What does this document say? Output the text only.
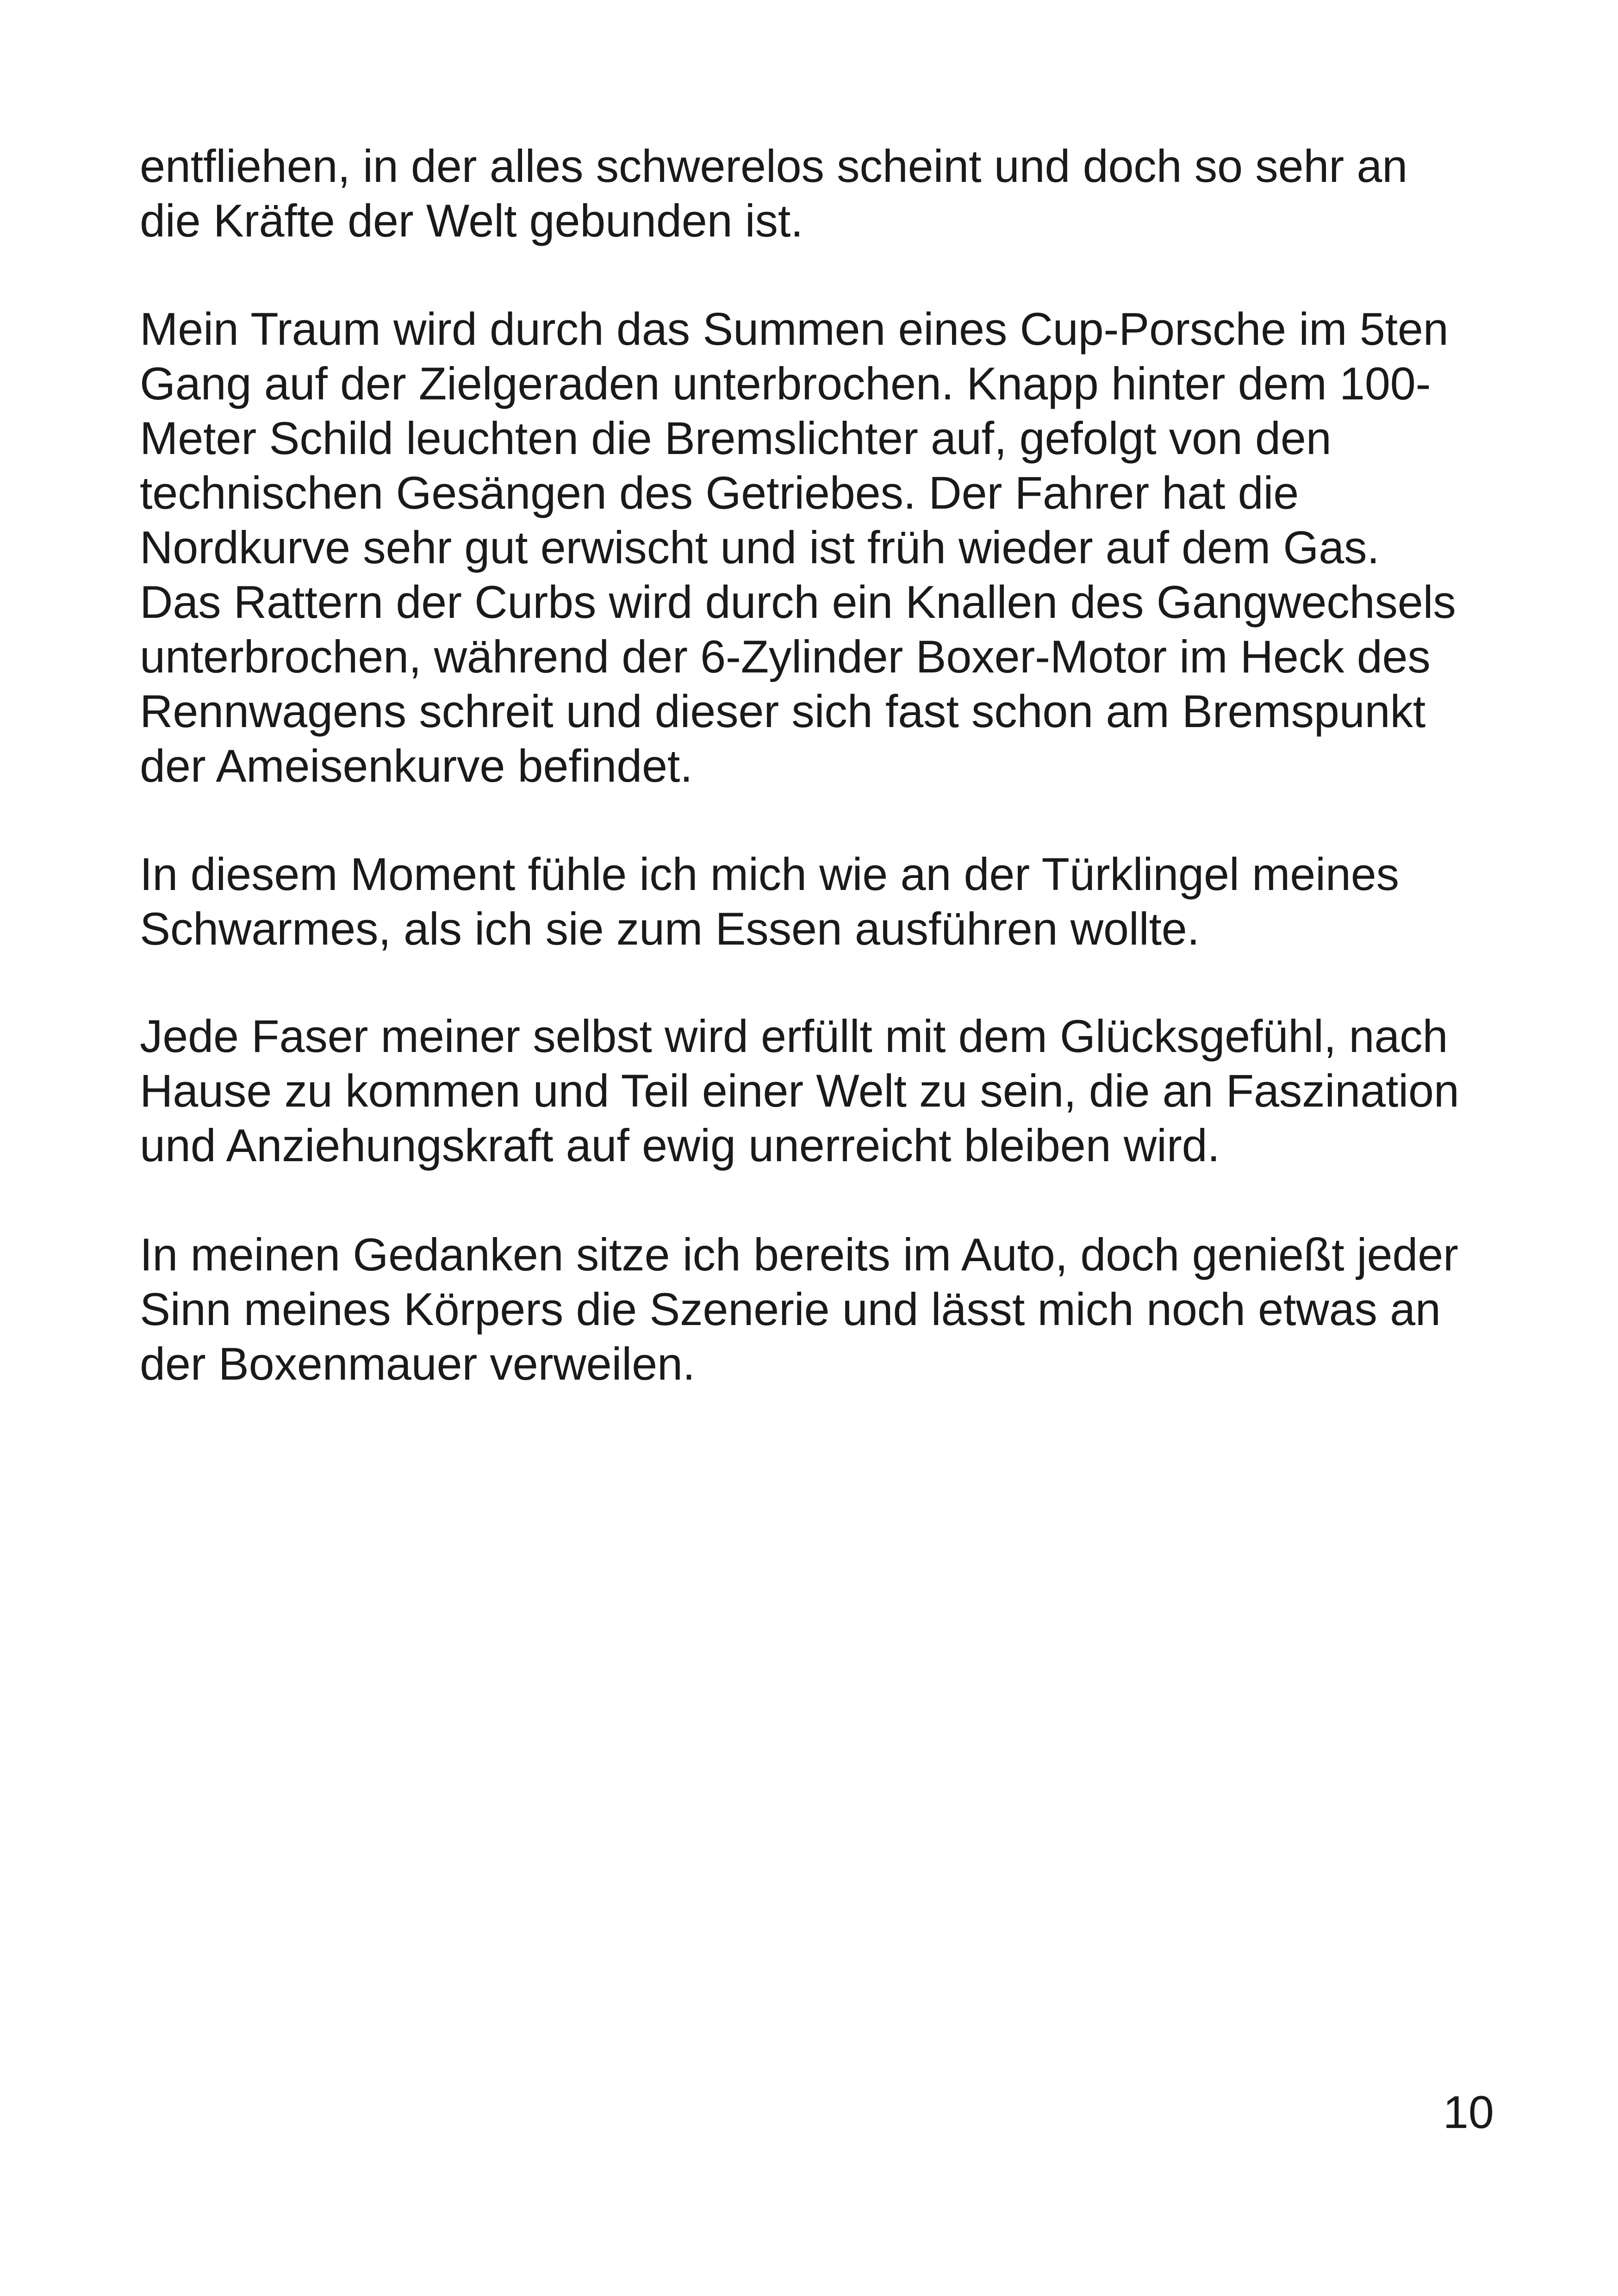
entfliehen, in der alles schwerelos scheint und doch so sehr an
die Kräfte der Welt gebunden ist.
Mein Traum wird durch das Summen eines Cup-Porsche im 5ten
Gang auf der Zielgeraden unterbrochen. Knapp hinter dem 100-
Meter Schild leuchten die Bremslichter auf, gefolgt von den
technischen Gesängen des Getriebes. Der Fahrer hat die
Nordkurve sehr gut erwischt und ist früh wieder auf dem Gas.
Das Rattern der Curbs wird durch ein Knallen des Gangwechsels
unterbrochen, während der 6-Zylinder Boxer-Motor im Heck des
Rennwagens schreit und dieser sich fast schon am Bremspunkt
der Ameisenkurve befindet.
In diesem Moment fühle ich mich wie an der Türklingel meines
Schwarmes, als ich sie zum Essen ausführen wollte.
Jede Faser meiner selbst wird erfüllt mit dem Glücksgefühl, nach
Hause zu kommen und Teil einer Welt zu sein, die an Faszination
und Anziehungskraft auf ewig unerreicht bleiben wird.
In meinen Gedanken sitze ich bereits im Auto, doch genießt jeder
Sinn meines Körpers die Szenerie und lässt mich noch etwas an
der Boxenmauer verweilen.
10
